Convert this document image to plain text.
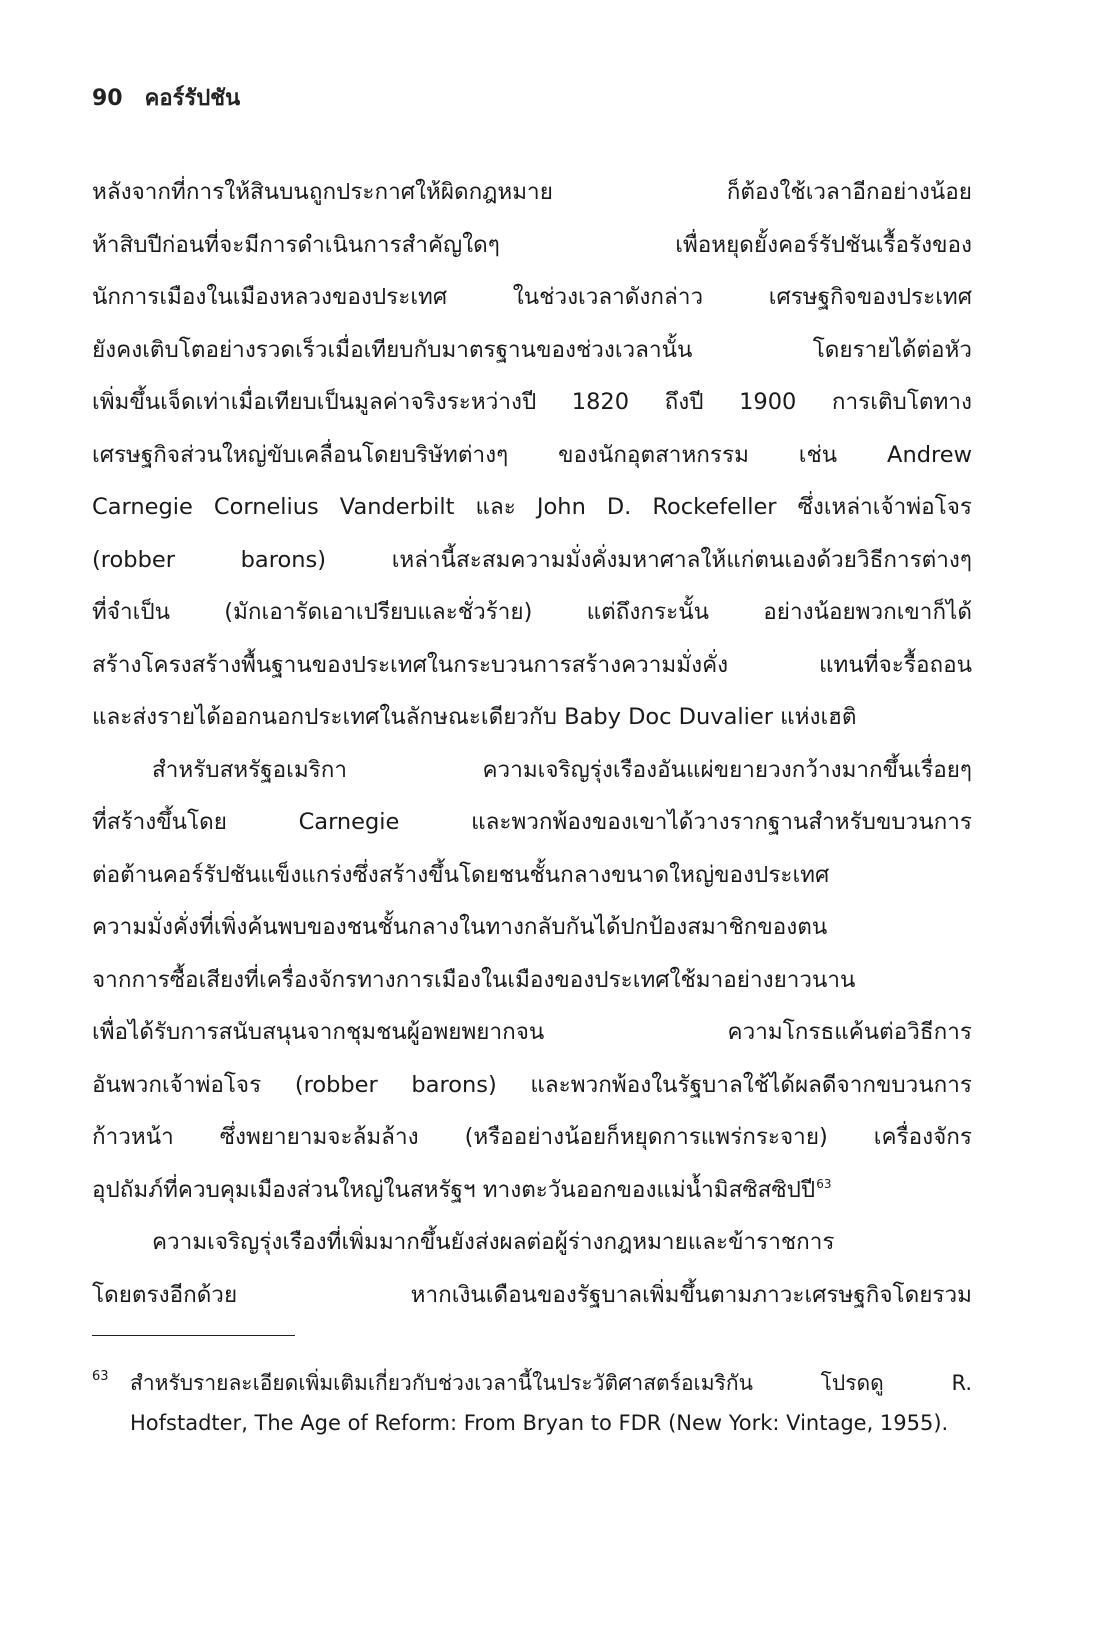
90 คอร์รัปชัน
หลังจากที่การให้สินบนถูกประกาศให้ผิดกฎหมาย ก็ต้องใช้เวลาอีกอย่างน้อย
ห้าสิบปีก่อนที่จะมีการดำเนินการสำคัญใดๆ เพื่อหยุดยั้งคอร์รัปชันเรื้อรังของ
นักการเมืองในเมืองหลวงของประเทศ ในช่วงเวลาดังกล่าว เศรษฐกิจของประเทศ
ยังคงเติบโตอย่างรวดเร็วเมื่อเทียบกับมาตรฐานของช่วงเวลานั้น โดยรายได้ต่อหัว
เพิ่มขึ้นเจ็ดเท่าเมื่อเทียบเป็นมูลค่าจริงระหว่างปี 1820 ถึงปี 1900 การเติบโตทาง
เศรษฐกิจส่วนใหญ่ขับเคลื่อนโดยบริษัทต่างๆ ของนักอุตสาหกรรม เช่น Andrew
Carnegie Cornelius Vanderbilt และ John D. Rockefeller ซึ่งเหล่าเจ้าพ่อโจร
(robber barons) เหล่านี้สะสมความมั่งคั่งมหาศาลให้แก่ตนเองด้วยวิธีการต่างๆ
ที่จำเป็น (มักเอารัดเอาเปรียบและชั่วร้าย) แต่ถึงกระนั้น อย่างน้อยพวกเขาก็ได้
สร้างโครงสร้างพื้นฐานของประเทศในกระบวนการสร้างความมั่งคั่ง แทนที่จะรื้อถอน
และส่งรายได้ออกนอกประเทศในลักษณะเดียวกับ Baby Doc Duvalier แห่งเฮติ
สำหรับสหรัฐอเมริกา ความเจริญรุ่งเรืองอันแผ่ขยายวงกว้างมากขึ้นเรื่อยๆ
ที่สร้างขึ้นโดย Carnegie และพวกพ้องของเขาได้วางรากฐานสำหรับขบวนการ
ต่อต้านคอร์รัปชันแข็งแกร่งซึ่งสร้างขึ้นโดยชนชั้นกลางขนาดใหญ่ของประเทศ
ความมั่งคั่งที่เพิ่งค้นพบของชนชั้นกลางในทางกลับกันได้ปกป้องสมาชิกของตน
จากการซื้อเสียงที่เครื่องจักรทางการเมืองในเมืองของประเทศใช้มาอย่างยาวนาน
เพื่อได้รับการสนับสนุนจากชุมชนผู้อพยพยากจน ความโกรธแค้นต่อวิธีการ
อันพวกเจ้าพ่อโจร (robber barons) และพวกพ้องในรัฐบาลใช้ได้ผลดีจากขบวนการ
ก้าวหน้า ซึ่งพยายามจะล้มล้าง (หรืออย่างน้อยก็หยุดการแพร่กระจาย) เครื่องจักร
อุปถัมภ์ที่ควบคุมเมืองส่วนใหญ่ในสหรัฐฯ ทางตะวันออกของแม่น้ำมิสซิสซิปปี$^{63}$
ความเจริญรุ่งเรืองที่เพิ่มมากขึ้นยังส่งผลต่อผู้ร่างกฎหมายและข้าราชการ
โดยตรงอีกด้วย หากเงินเดือนของรัฐบาลเพิ่มขึ้นตามภาวะเศรษฐกิจโดยรวม
63	สำหรับรายละเอียดเพิ่มเติมเกี่ยวกับช่วงเวลานี้ในประวัติศาสตร์อเมริกัน โปรดดู R.
Hofstadter, The Age of Reform: From Bryan to FDR (New York: Vintage, 1955).
